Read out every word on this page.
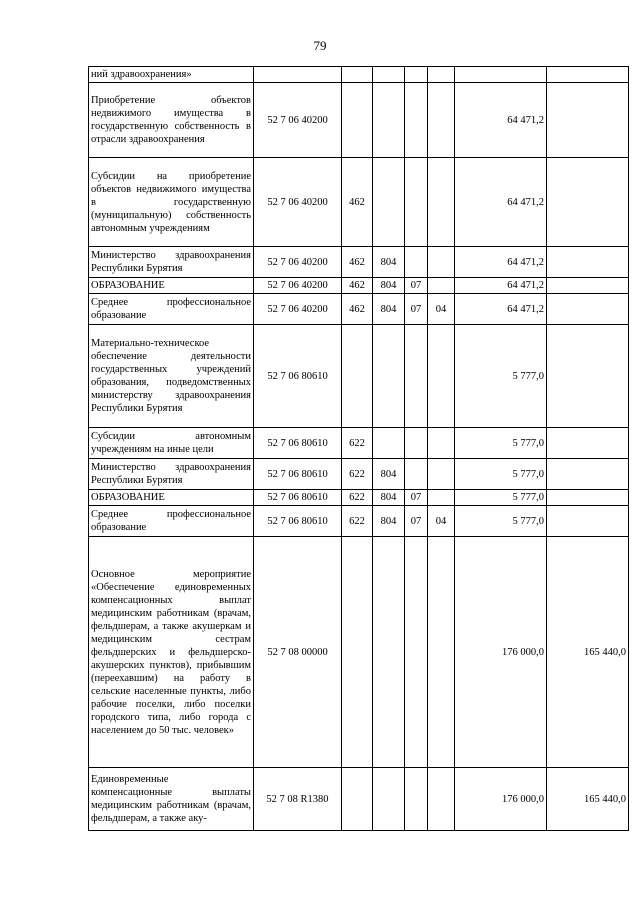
79
ний здравоохранения»							
Приобретение объектов недвижимого имущества в государственную собственность в отрасли здравоохранения	52 7 06 40200					64 471,2	
Субсидии на приобретение объектов недвижимого имущества в государственную (муниципальную) собственность автономным учреждениям	52 7 06 40200	462				64 471,2	
Министерство здравоохранения Республики Бурятия	52 7 06 40200	462	804			64 471,2	
ОБРАЗОВАНИЕ	52 7 06 40200	462	804	07		64 471,2	
Среднее профессиональное образование	52 7 06 40200	462	804	07	04	64 471,2	
Материально-техническое обеспечение деятельности государственных учреждений образования, подведомственных министерству здравоохранения Республики Бурятия	52 7 06 80610					5 777,0	
Субсидии автономным учреждениям на иные цели	52 7 06 80610	622				5 777,0	
Министерство здравоохранения Республики Бурятия	52 7 06 80610	622	804			5 777,0	
ОБРАЗОВАНИЕ	52 7 06 80610	622	804	07		5 777,0	
Среднее профессиональное образование	52 7 06 80610	622	804	07	04	5 777,0	
Основное мероприятие «Обеспечение единовременных компенсационных выплат медицинским работникам (врачам, фельдшерам, а также акушеркам и медицинским сестрам фельдшерских и фельдшерско-акушерских пунктов), прибывшим (переехавшим) на работу в сельские населенные пункты, либо рабочие поселки, либо поселки городского типа, либо города с населением до 50 тыс. человек»	52 7 08 00000					176 000,0	165 440,0
Единовременные компенсационные выплаты медицинским работникам (врачам, фельдшерам, а также аку-	52 7 08 R1380					176 000,0	165 440,0
